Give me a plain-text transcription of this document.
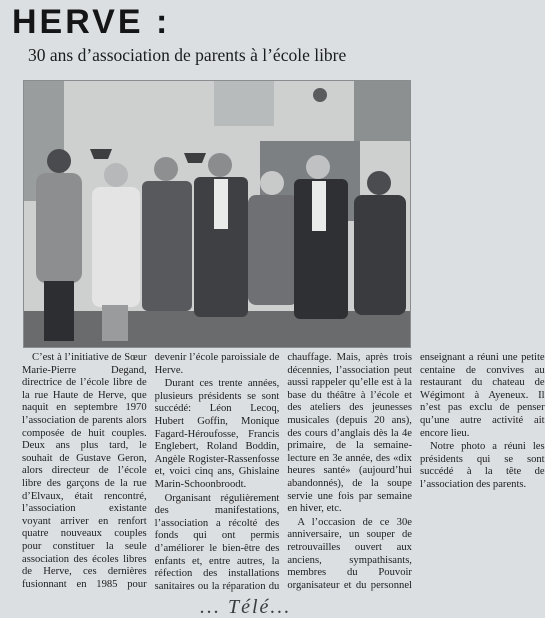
HERVE :
30 ans d’association de parents à l’école libre

C’est à l’initiative de Sœur Marie-Pierre Degand, directrice de l’école libre de la rue Haute de Herve, que naquit en septembre 1970 l’association de parents alors composée de huit couples. Deux ans plus tard, le souhait de Gustave Geron, alors directeur de l’école libre des garçons de la rue d’Elvaux, était rencontré, l’association existante voyant arriver en renfort quatre nouveaux couples pour constituer la seule association des écoles libres de Herve, ces dernières fusionnant en 1985 pour devenir l’école paroissiale de Herve.

Durant ces trente années, plusieurs présidents se sont succédé: Léon Lecoq, Hubert Goffin, Monique Fagard-Héroufosse, Francis Englebert, Roland Boddin, Angèle Rogister-Rassenfosse et, voici cinq ans, Ghislaine Marin-Schoonbroodt.

Organisant régulièrement des manifestations, l’association a récolté des fonds qui ont permis d’améliorer le bien-être des enfants et, entre autres, la réfection des installations sanitaires ou la réparation du chauffage. Mais, après trois décennies, l’association peut aussi rappeler qu’elle est à la base du théâtre à l’école et des ateliers des jeunesses musicales (depuis 20 ans), des cours d’anglais dès la 4e primaire, de la semaine-lecture en 3e année, des «dix heures santé» (aujourd’hui abandonnés), de la soupe servie une fois par semaine en hiver, etc.

A l’occasion de ce 30e anniversaire, un souper de retrouvailles ouvert aux anciens, sympathisants, membres du Pouvoir organisateur et du personnel enseignant a réuni une petite centaine de convives au restaurant du chateau de Wégimont à Ayeneux. Il n’est pas exclu de penser qu’une autre activité ait encore lieu.

Notre photo a réuni les présidents qui se sont succédé à la tête de l’association des parents.

... Télé...
